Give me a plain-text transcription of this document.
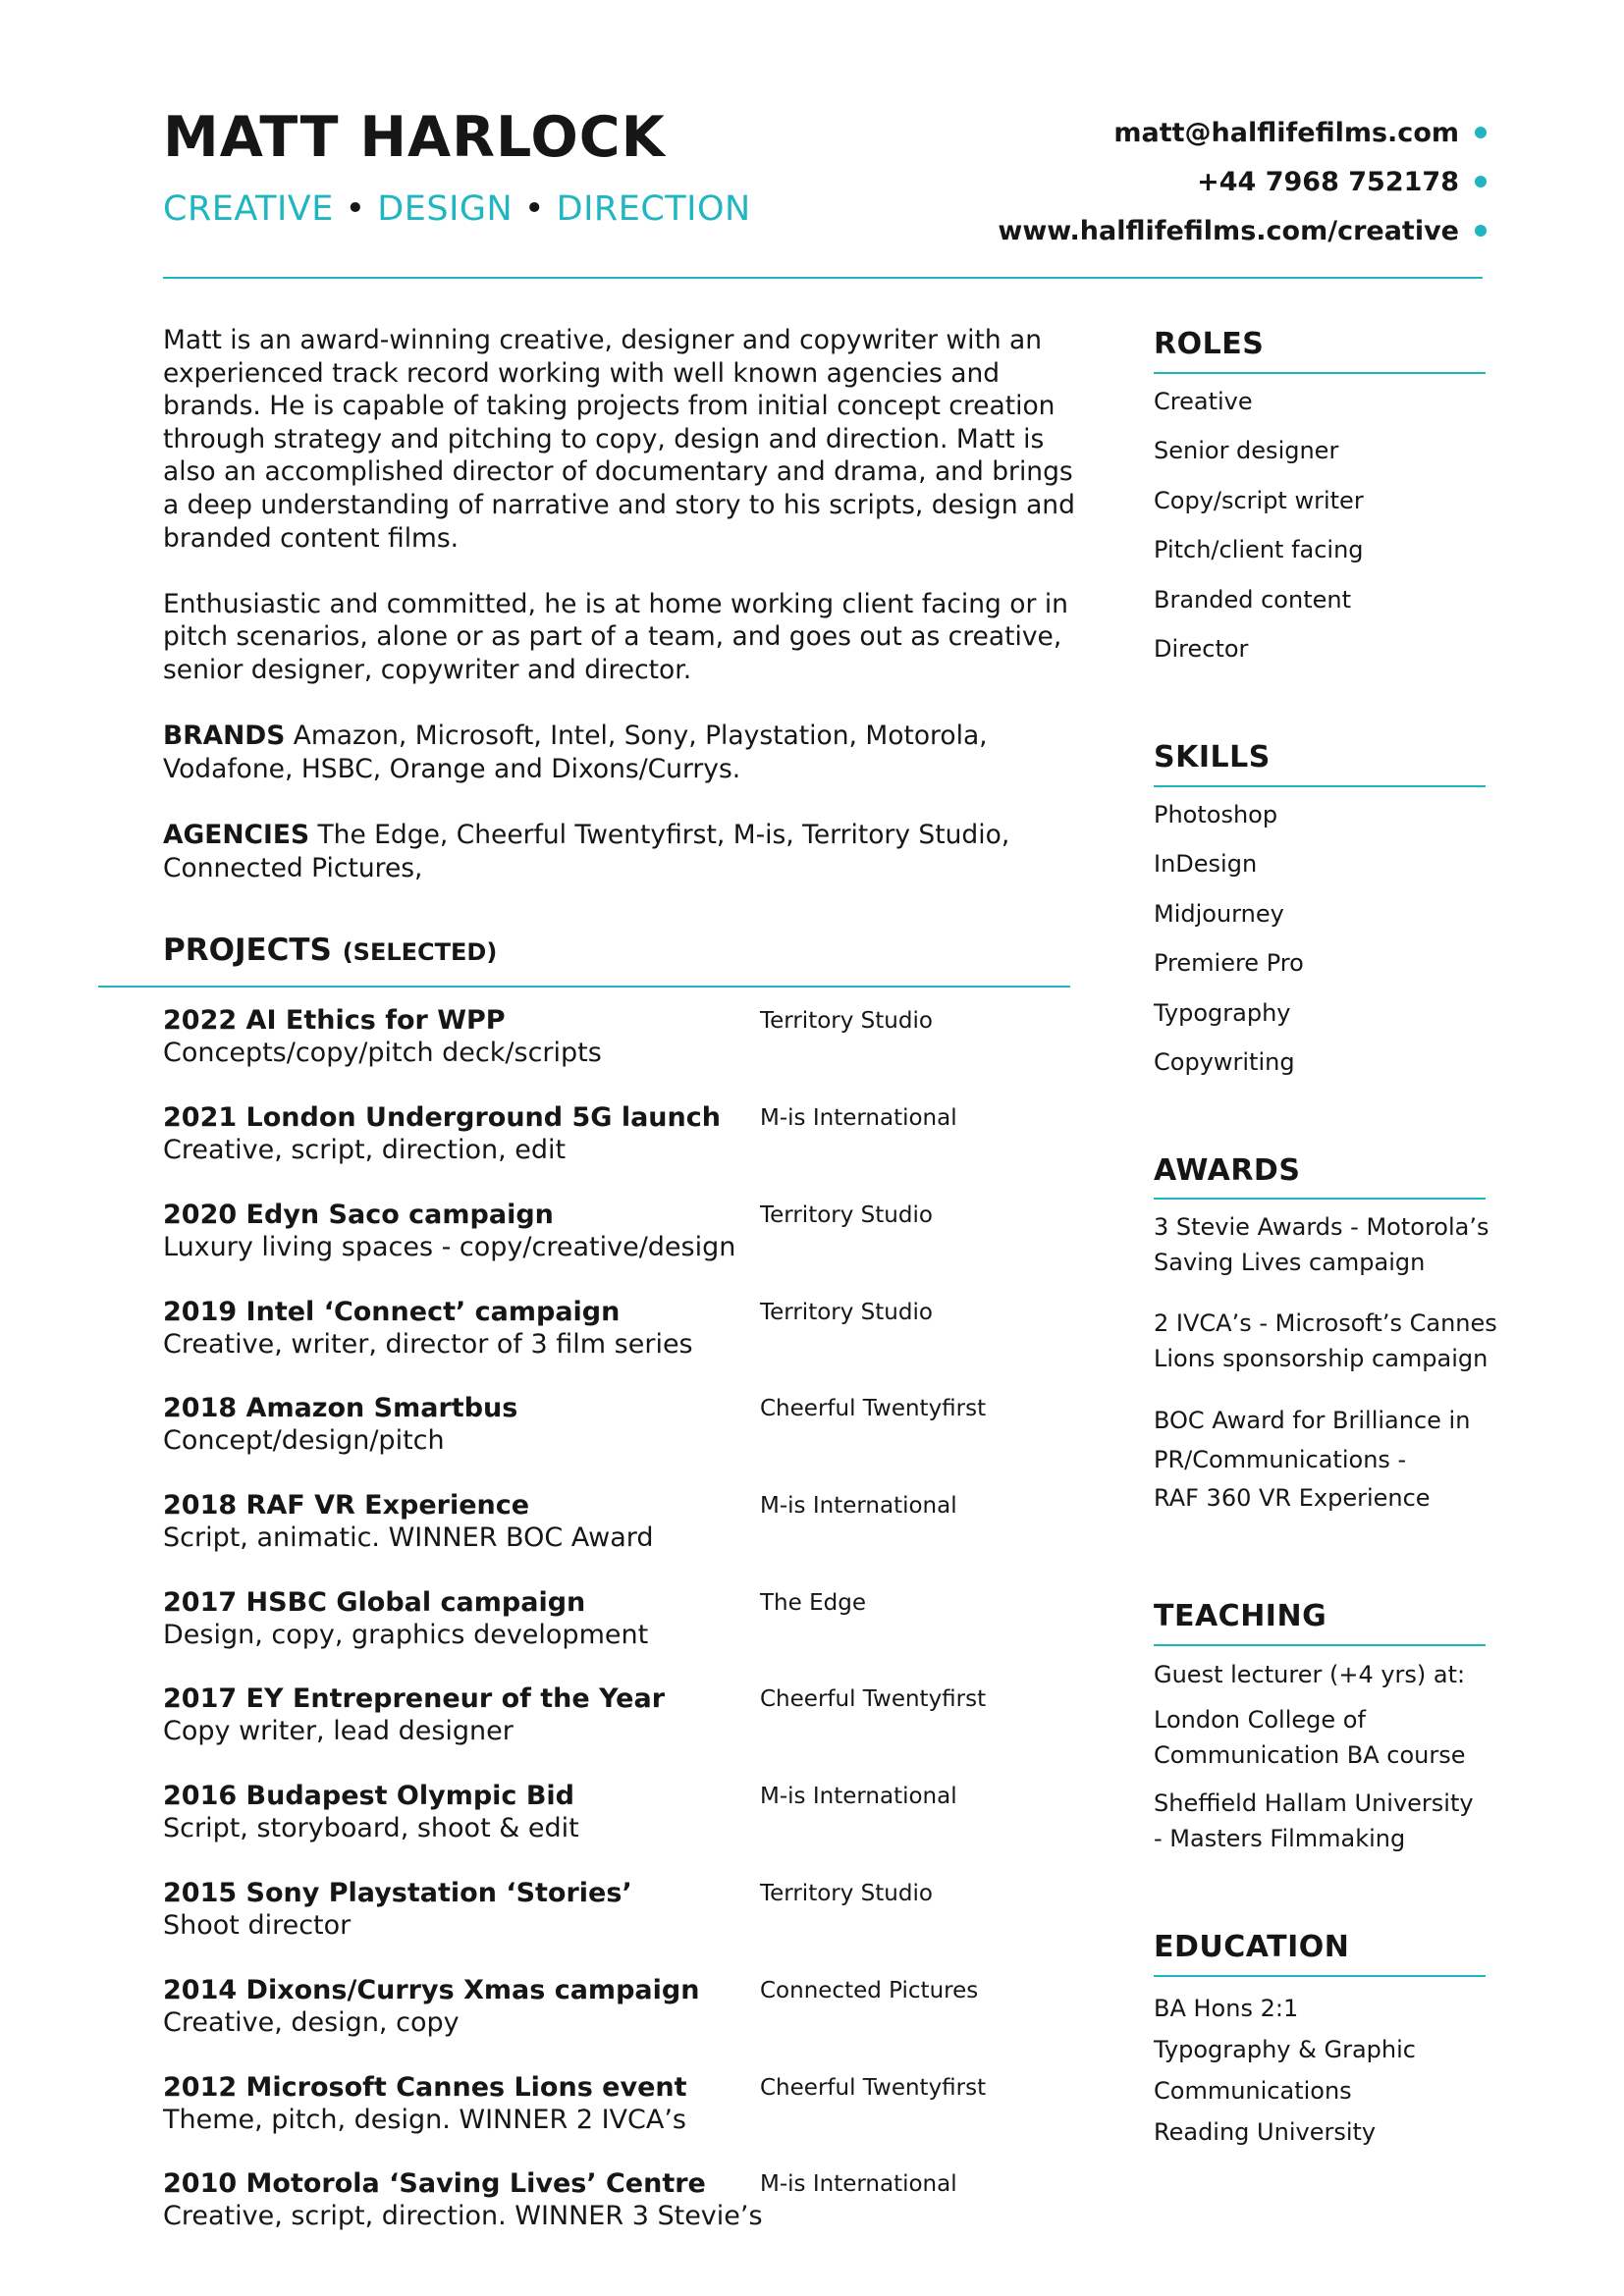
MATT HARLOCK
CREATIVE • DESIGN • DIRECTION
matt@halflifefilms.com
+44 7968 752178
www.halflifefilms.com/creative

Matt is an award-winning creative, designer and copywriter with an experienced track record working with well known agencies and brands. He is capable of taking projects from initial concept creation through strategy and pitching to copy, design and direction. Matt is also an accomplished director of documentary and drama, and brings a deep understanding of narrative and story to his scripts, design and branded content films.

Enthusiastic and committed, he is at home working client facing or in pitch scenarios, alone or as part of a team, and goes out as creative, senior designer, copywriter and director.

BRANDS Amazon, Microsoft, Intel, Sony, Playstation, Motorola, Vodafone, HSBC, Orange and Dixons/Currys.

AGENCIES The Edge, Cheerful Twentyfirst, M-is, Territory Studio, Connected Pictures,

PROJECTS (SELECTED)
2022 AI Ethics for WPP
Concepts/copy/pitch deck/scripts
Territory Studio
2021 London Underground 5G launch
Creative, script, direction, edit
M-is International
2020 Edyn Saco campaign
Luxury living spaces - copy/creative/design
Territory Studio
2019 Intel ‘Connect’ campaign
Creative, writer, director of 3 film series
Territory Studio
2018 Amazon Smartbus
Concept/design/pitch
Cheerful Twentyfirst
2018 RAF VR Experience
Script, animatic. WINNER BOC Award
M-is International
2017 HSBC Global campaign
Design, copy, graphics development
The Edge
2017 EY Entrepreneur of the Year
Copy writer, lead designer
Cheerful Twentyfirst
2016 Budapest Olympic Bid
Script, storyboard, shoot & edit
M-is International
2015 Sony Playstation ‘Stories’
Shoot director
Territory Studio
2014 Dixons/Currys Xmas campaign
Creative, design, copy
Connected Pictures
2012 Microsoft Cannes Lions event
Theme, pitch, design. WINNER 2 IVCA’s
Cheerful Twentyfirst
2010 Motorola ‘Saving Lives’ Centre
Creative, script, direction. WINNER 3 Stevie’s
M-is International
ROLES
Creative
Senior designer
Copy/script writer
Pitch/client facing
Branded content
Director
SKILLS
Photoshop
InDesign
Midjourney
Premiere Pro
Typography
Copywriting
AWARDS
3 Stevie Awards - Motorola’s
Saving Lives campaign
2 IVCA’s - Microsoft’s Cannes
Lions sponsorship campaign
BOC Award for Brilliance in
PR/Communications -
RAF 360 VR Experience
TEACHING
Guest lecturer (+4 yrs) at:
London College of
Communication BA course
Sheffield Hallam University
- Masters Filmmaking
EDUCATION
BA Hons 2:1
Typography & Graphic
Communications
Reading University
